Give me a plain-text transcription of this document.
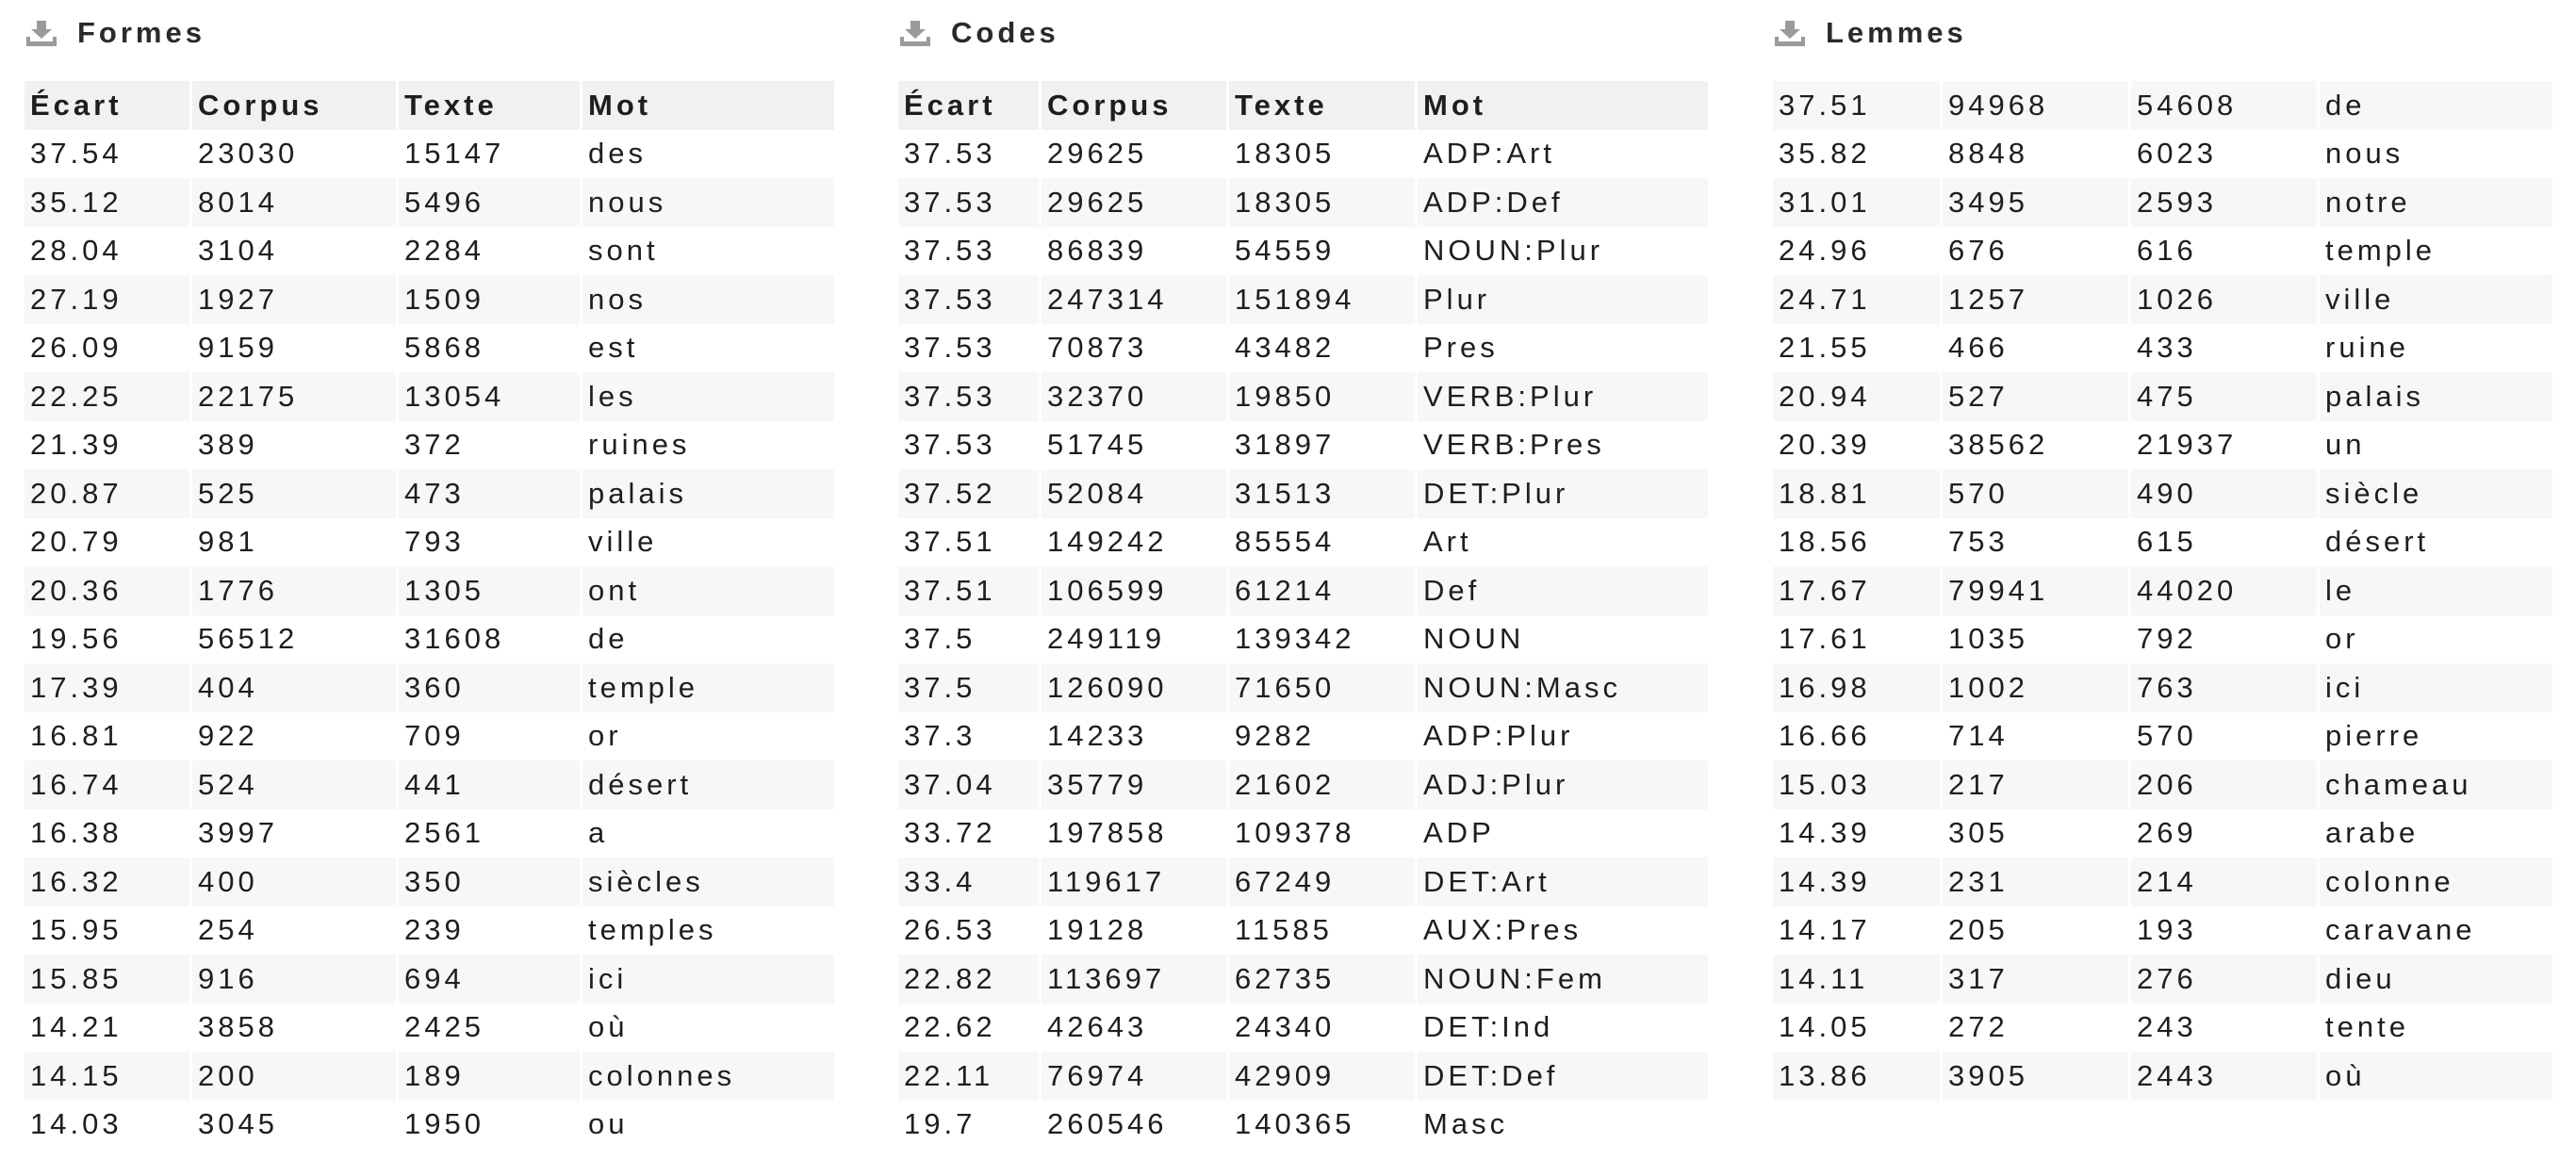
Formes
Écart	Corpus	Texte	Mot
37.54	23030	15147	des
35.12	8014	5496	nous
28.04	3104	2284	sont
27.19	1927	1509	nos
26.09	9159	5868	est
22.25	22175	13054	les
21.39	389	372	ruines
20.87	525	473	palais
20.79	981	793	ville
20.36	1776	1305	ont
19.56	56512	31608	de
17.39	404	360	temple
16.81	922	709	or
16.74	524	441	désert
16.38	3997	2561	a
16.32	400	350	siècles
15.95	254	239	temples
15.85	916	694	ici
14.21	3858	2425	où
14.15	200	189	colonnes
14.03	3045	1950	ou
Codes
Écart	Corpus	Texte	Mot
37.53	29625	18305	ADP:Art
37.53	29625	18305	ADP:Def
37.53	86839	54559	NOUN:Plur
37.53	247314	151894	Plur
37.53	70873	43482	Pres
37.53	32370	19850	VERB:Plur
37.53	51745	31897	VERB:Pres
37.52	52084	31513	DET:Plur
37.51	149242	85554	Art
37.51	106599	61214	Def
37.5	249119	139342	NOUN
37.5	126090	71650	NOUN:Masc
37.3	14233	9282	ADP:Plur
37.04	35779	21602	ADJ:Plur
33.72	197858	109378	ADP
33.4	119617	67249	DET:Art
26.53	19128	11585	AUX:Pres
22.82	113697	62735	NOUN:Fem
22.62	42643	24340	DET:Ind
22.11	76974	42909	DET:Def
19.7	260546	140365	Masc
Lemmes
37.51	94968	54608	de
35.82	8848	6023	nous
31.01	3495	2593	notre
24.96	676	616	temple
24.71	1257	1026	ville
21.55	466	433	ruine
20.94	527	475	palais
20.39	38562	21937	un
18.81	570	490	siècle
18.56	753	615	désert
17.67	79941	44020	le
17.61	1035	792	or
16.98	1002	763	ici
16.66	714	570	pierre
15.03	217	206	chameau
14.39	305	269	arabe
14.39	231	214	colonne
14.17	205	193	caravane
14.11	317	276	dieu
14.05	272	243	tente
13.86	3905	2443	où
